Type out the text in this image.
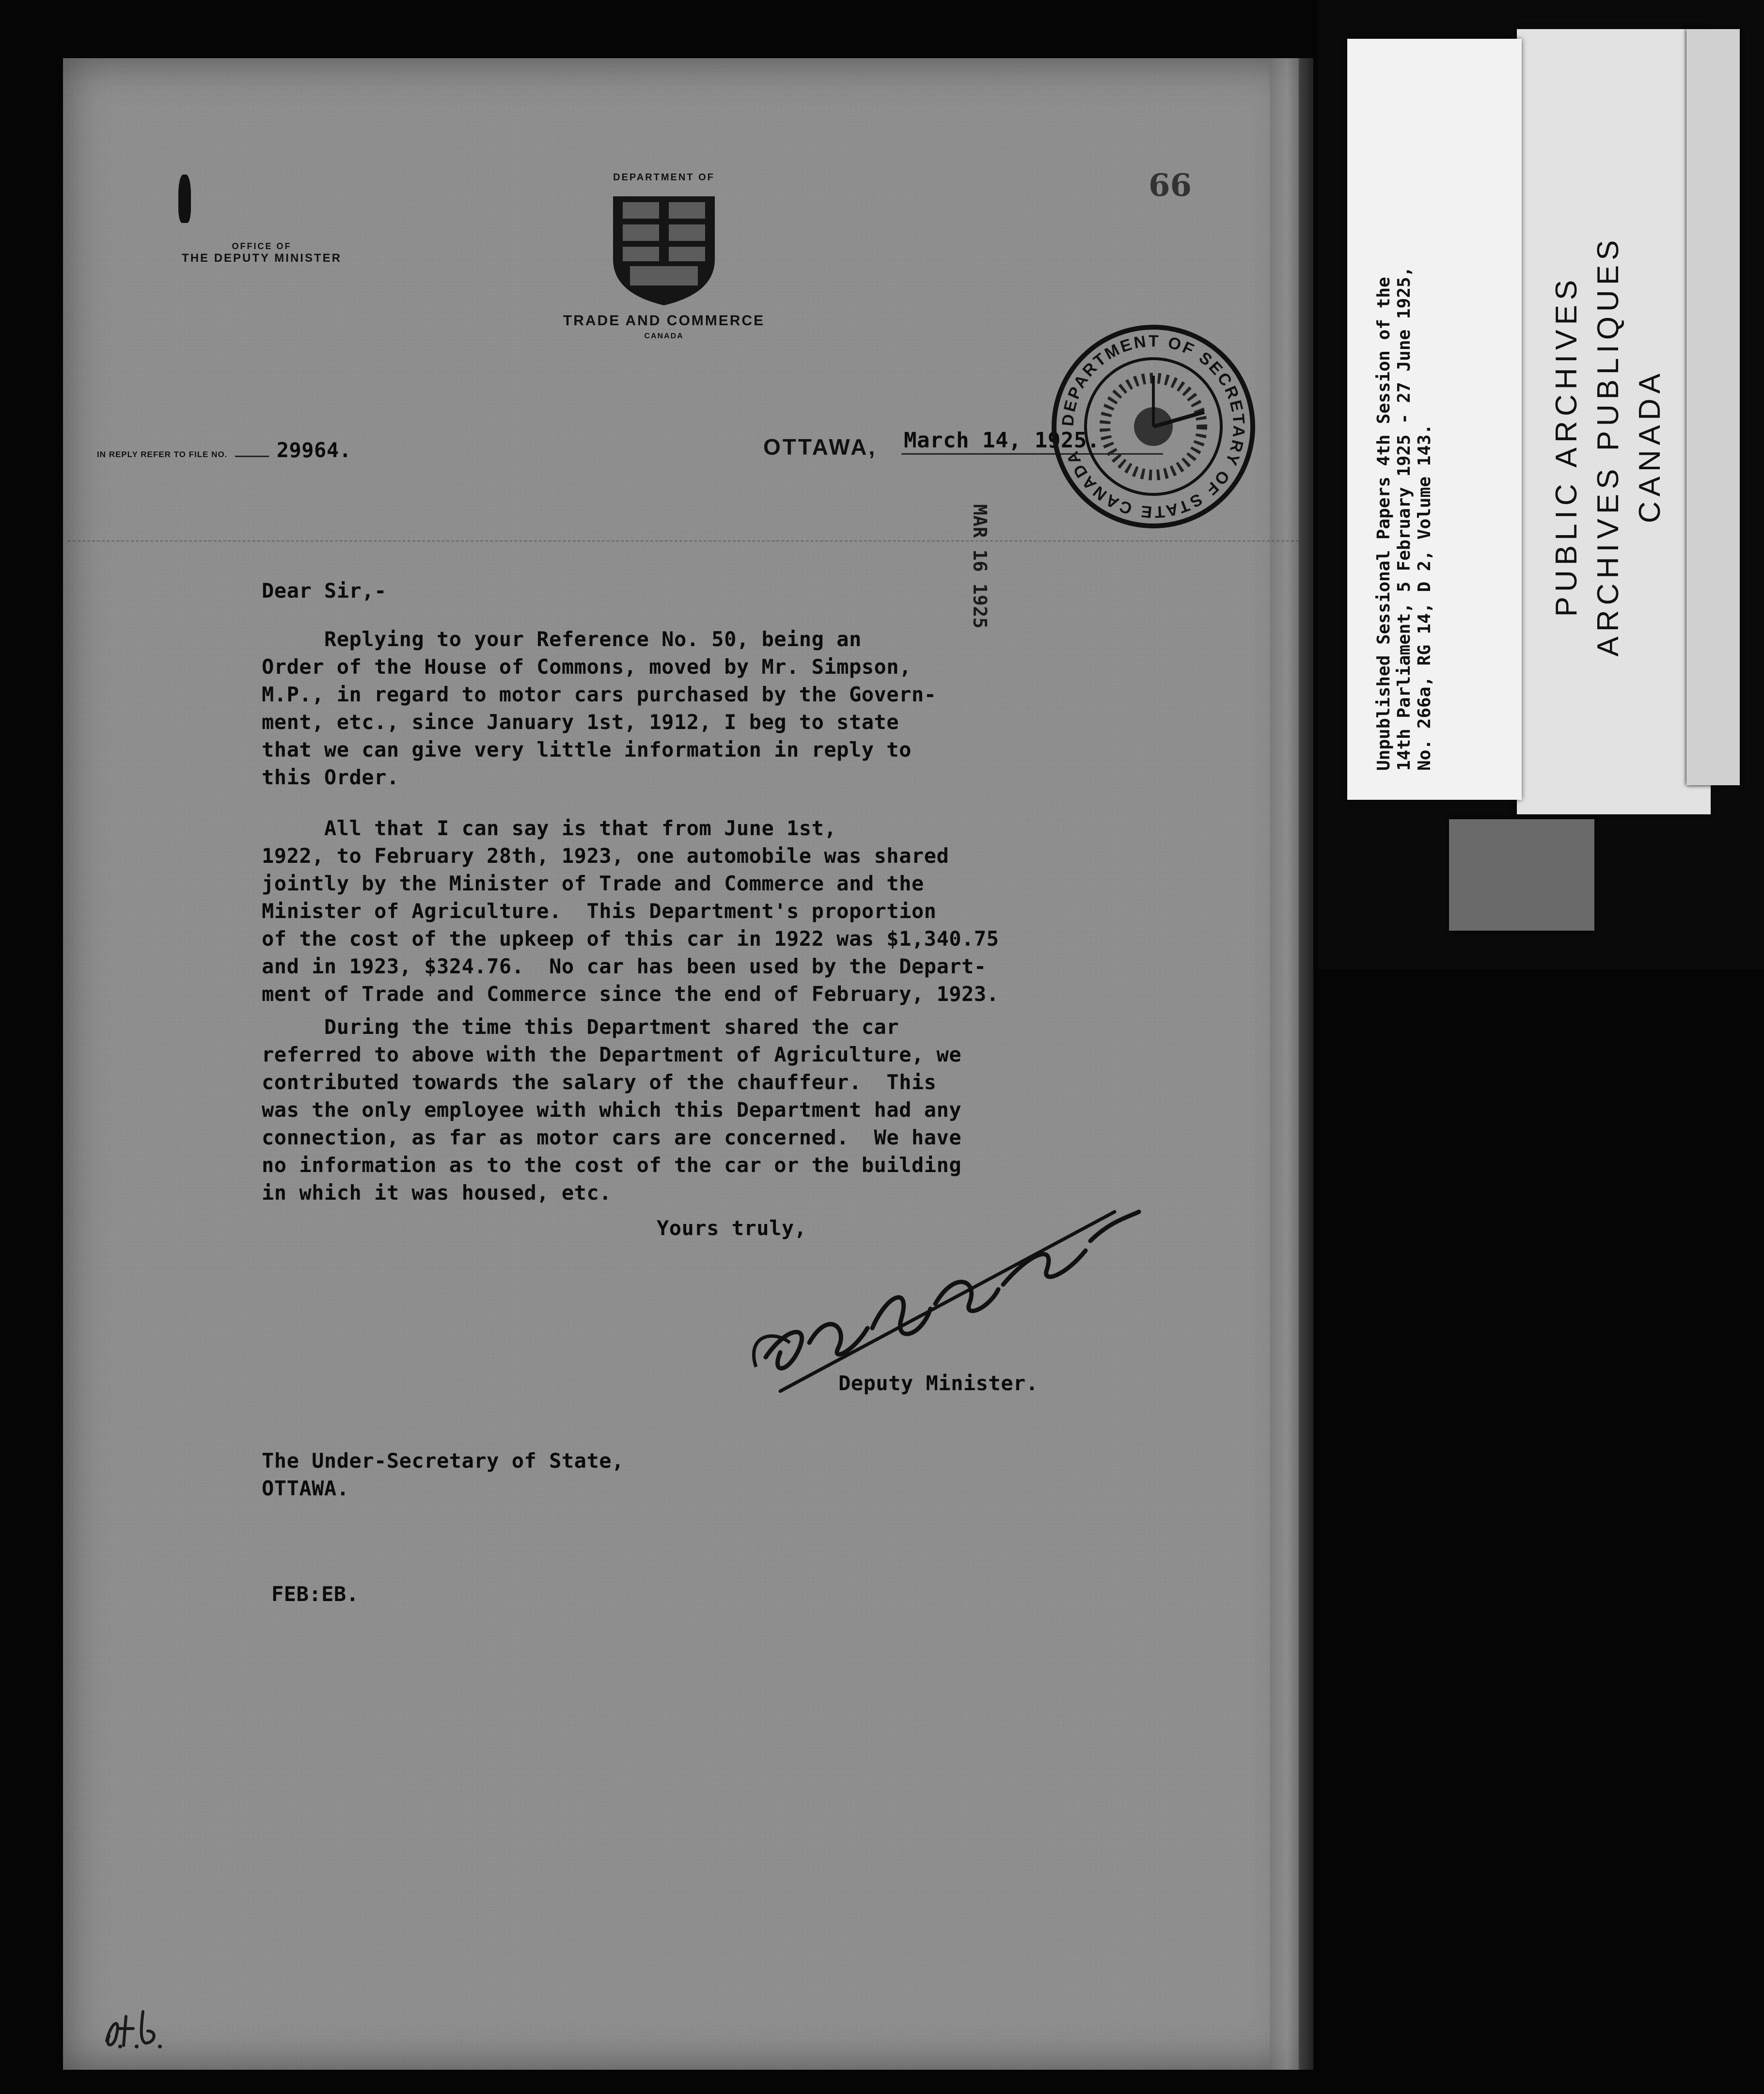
OFFICE OF
THE DEPUTY MINISTER
DEPARTMENT OF
TRADE AND COMMERCE
CANADA
66
IN REPLY REFER TO FILE NO. 29964.	OTTAWA, March 14, 1925.
MAR 16 1925
DEPARTMENT OF SECRETARY OF STATE CANADA
Dear Sir,-
Replying to your Reference No. 50, being an
Order of the House of Commons, moved by Mr. Simpson,
M.P., in regard to motor cars purchased by the Govern-
ment, etc., since January 1st, 1912, I beg to state
that we can give very little information in reply to
this Order.
All that I can say is that from June 1st,
1922, to February 28th, 1923, one automobile was shared
jointly by the Minister of Trade and Commerce and the
Minister of Agriculture.  This Department's proportion
of the cost of the upkeep of this car in 1922 was $1,340.75
and in 1923, $324.76.  No car has been used by the Depart-
ment of Trade and Commerce since the end of February, 1923.
During the time this Department shared the car
referred to above with the Department of Agriculture, we
contributed towards the salary of the chauffeur.  This
was the only employee with which this Department had any
connection, as far as motor cars are concerned.  We have
no information as to the cost of the car or the building
in which it was housed, etc.
Yours truly,
Deputy Minister.
The Under-Secretary of State,
OTTAWA.
FEB:EB.
PUBLIC ARCHIVES ARCHIVES PUBLIQUES CANADA
Unpublished Sessional Papers 4th Session of the 14th Parliament, 5 February 1925 - 27 June 1925, No. 266a, RG 14, D 2, Volume 143.
